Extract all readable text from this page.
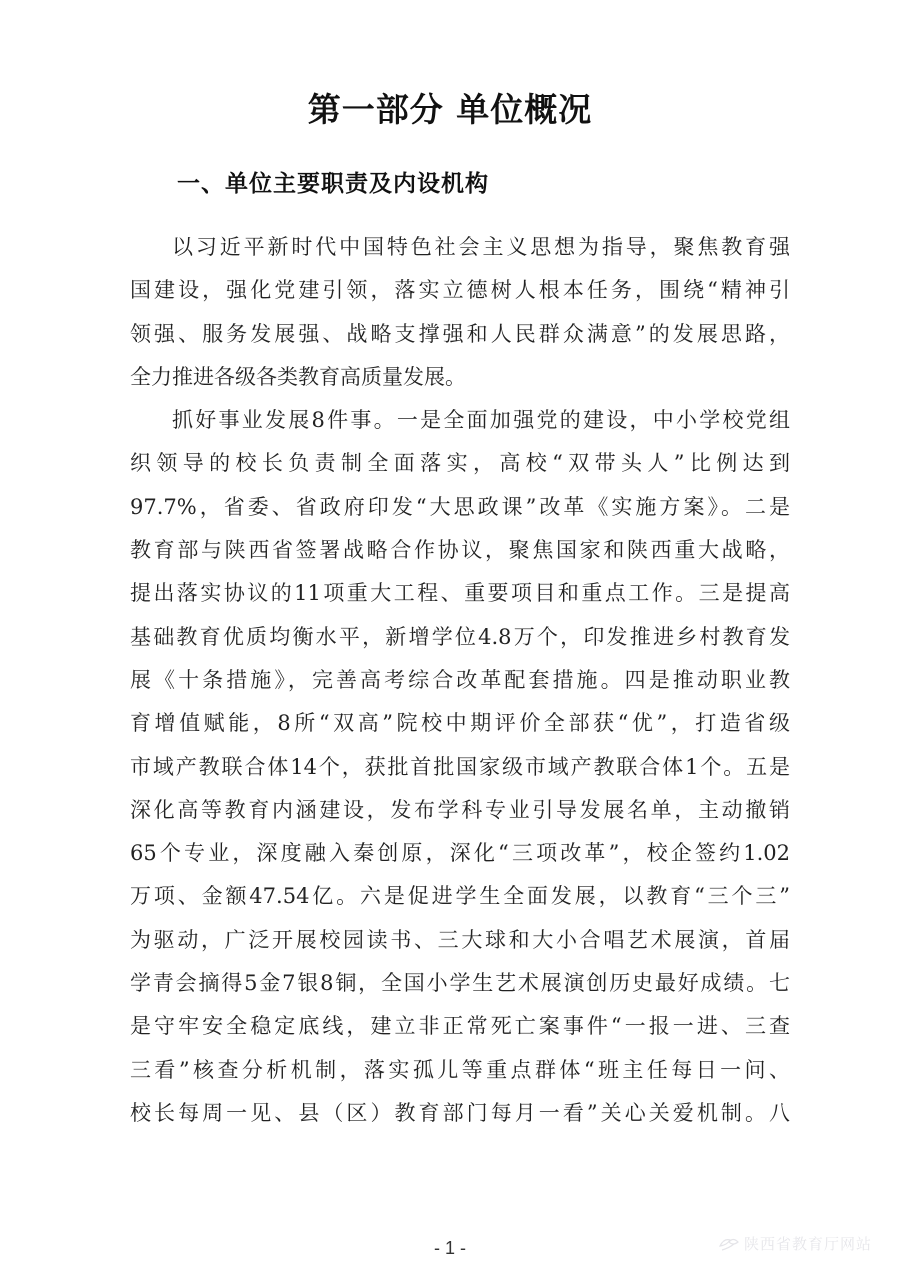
第一部分 单位概况
一、单位主要职责及内设机构
以习近平新时代中国特色社会主义思想为指导，聚焦教育强
国建设，强化党建引领，落实立德树人根本任务，围绕“精神引
领强、服务发展强、战略支撑强和人民群众满意”的发展思路，
全力推进各级各类教育高质量发展。
抓好事业发展8件事。一是全面加强党的建设，中小学校党组
织领导的校长负责制全面落实，高校“双带头人”比例达到
97.7%，省委、省政府印发“大思政课”改革《实施方案》。二是
教育部与陕西省签署战略合作协议，聚焦国家和陕西重大战略，
提出落实协议的11项重大工程、重要项目和重点工作。三是提高
基础教育优质均衡水平，新增学位4.8万个，印发推进乡村教育发
展《十条措施》，完善高考综合改革配套措施。四是推动职业教
育增值赋能，8所“双高”院校中期评价全部获“优”，打造省级
市域产教联合体14个，获批首批国家级市域产教联合体1个。五是
深化高等教育内涵建设，发布学科专业引导发展名单，主动撤销
65个专业，深度融入秦创原，深化“三项改革”，校企签约1.02
万项、金额47.54亿。六是促进学生全面发展，以教育“三个三”
为驱动，广泛开展校园读书、三大球和大小合唱艺术展演，首届
学青会摘得5金7银8铜，全国小学生艺术展演创历史最好成绩。七
是守牢安全稳定底线，建立非正常死亡案事件“一报一进、三查
三看”核查分析机制，落实孤儿等重点群体“班主任每日一问、
校长每周一见、县（区）教育部门每月一看”关心关爱机制。八
- 1 -	陕西省教育厅网站
